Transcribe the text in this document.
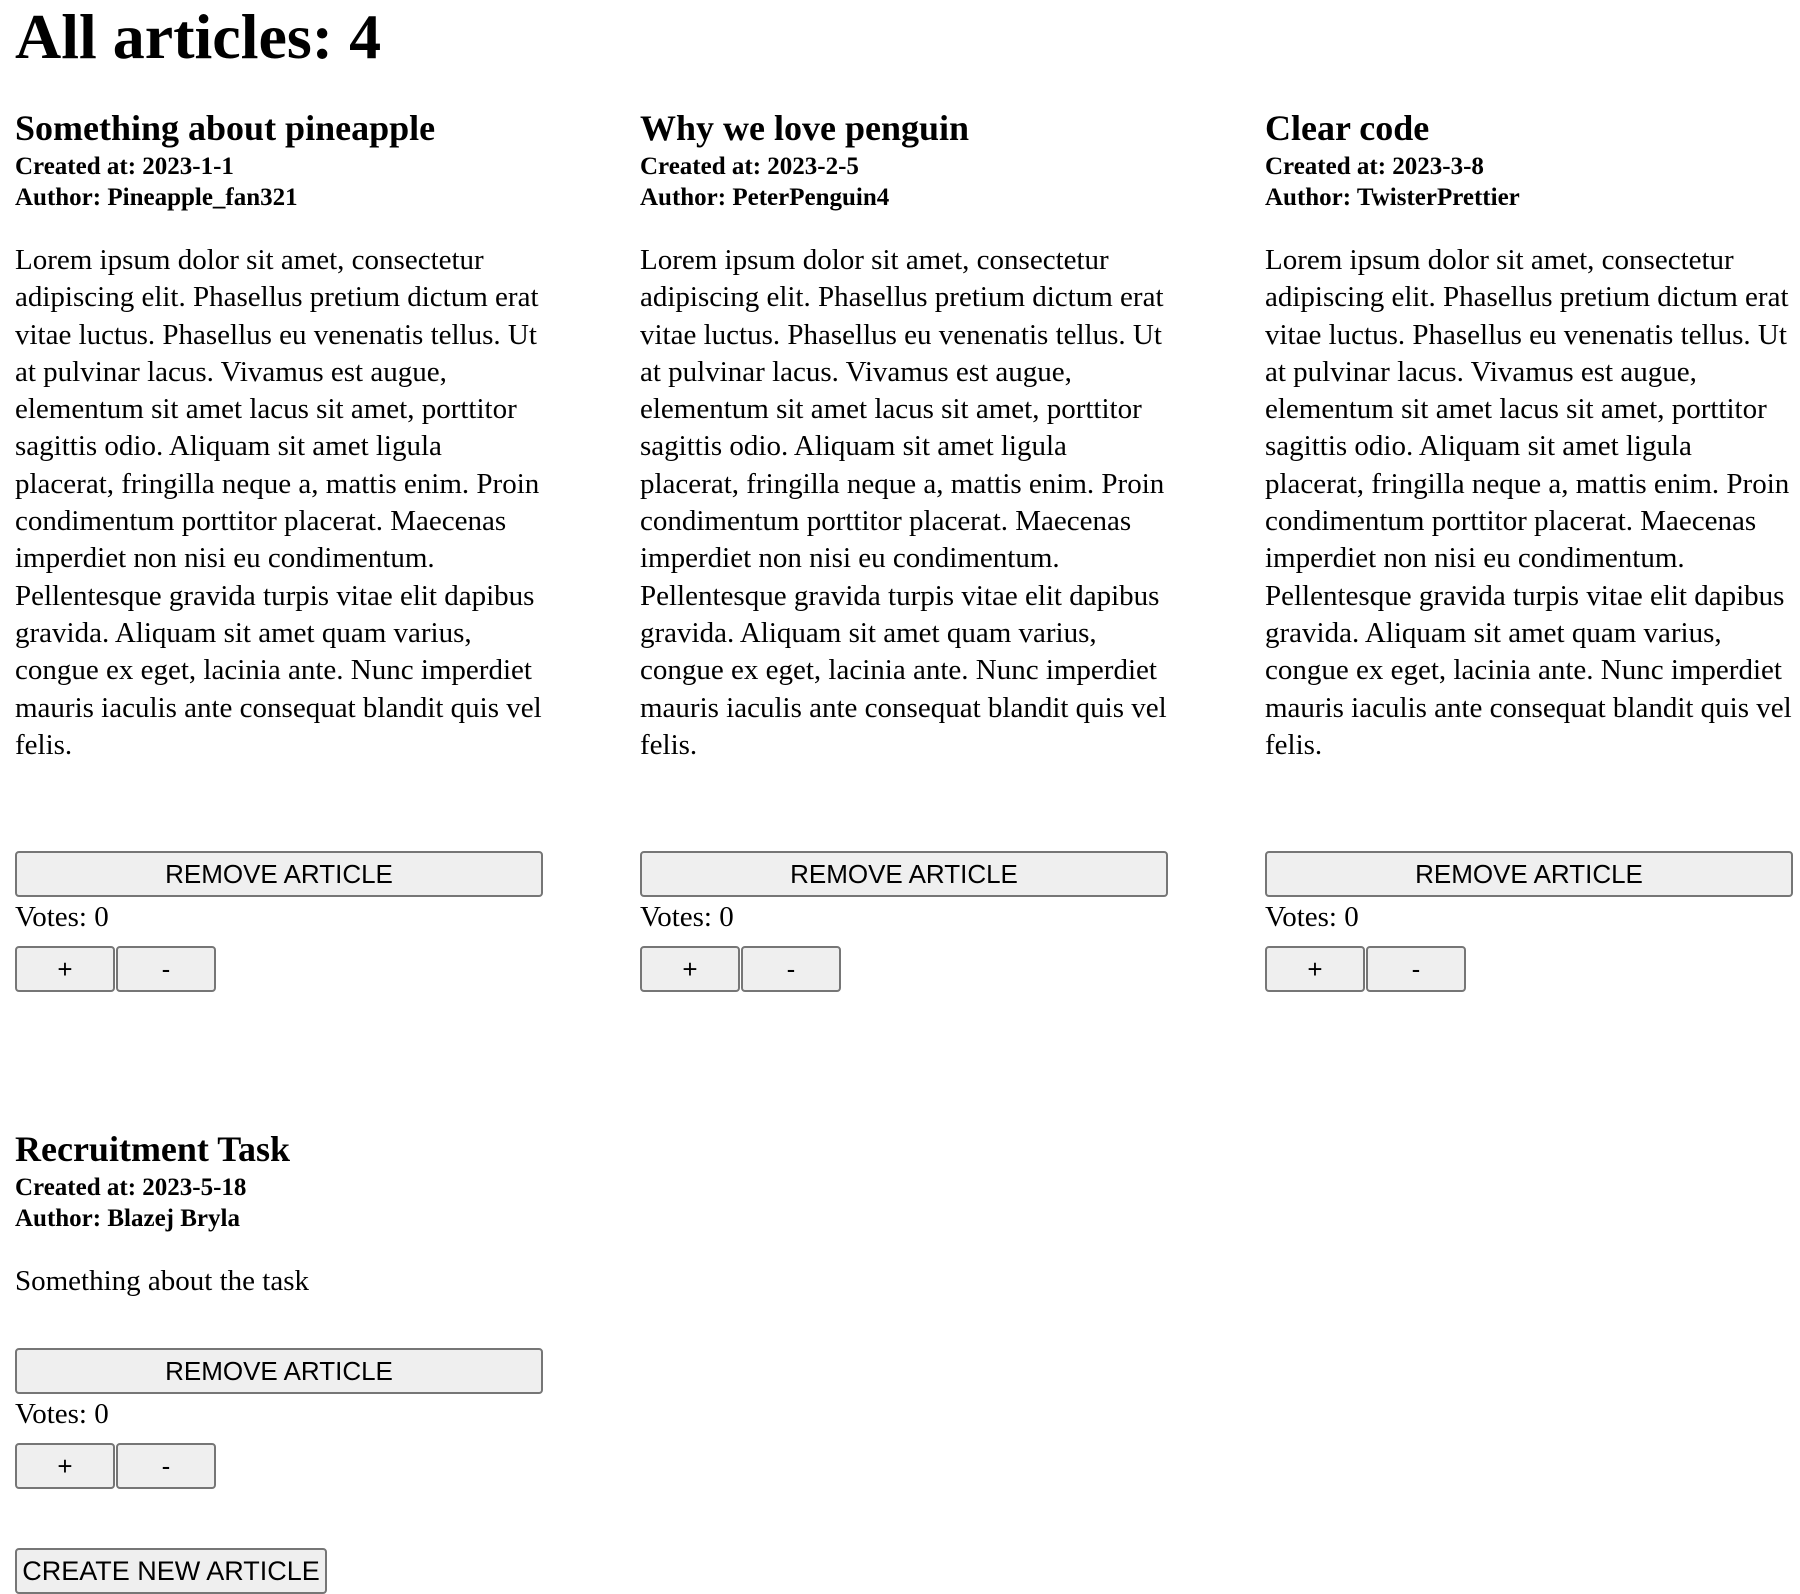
All articles: 4
Something about pineapple
Created at: 2023-1-1
Author: Pineapple_fan321
Lorem ipsum dolor sit amet, consectetur adipiscing elit. Phasellus pretium dictum erat vitae luctus. Phasellus eu venenatis tellus. Ut at pulvinar lacus. Vivamus est augue, elementum sit amet lacus sit amet, porttitor sagittis odio. Aliquam sit amet ligula placerat, fringilla neque a, mattis enim. Proin condimentum porttitor placerat. Maecenas imperdiet non nisi eu condimentum. Pellentesque gravida turpis vitae elit dapibus gravida. Aliquam sit amet quam varius, congue ex eget, lacinia ante. Nunc imperdiet mauris iaculis ante consequat blandit quis vel felis.
REMOVE ARTICLE
Votes: 0
+	-
Why we love penguin
Created at: 2023-2-5
Author: PeterPenguin4
Lorem ipsum dolor sit amet, consectetur adipiscing elit. Phasellus pretium dictum erat vitae luctus. Phasellus eu venenatis tellus. Ut at pulvinar lacus. Vivamus est augue, elementum sit amet lacus sit amet, porttitor sagittis odio. Aliquam sit amet ligula placerat, fringilla neque a, mattis enim. Proin condimentum porttitor placerat. Maecenas imperdiet non nisi eu condimentum. Pellentesque gravida turpis vitae elit dapibus gravida. Aliquam sit amet quam varius, congue ex eget, lacinia ante. Nunc imperdiet mauris iaculis ante consequat blandit quis vel felis.
REMOVE ARTICLE
Votes: 0
+	-
Clear code
Created at: 2023-3-8
Author: TwisterPrettier
Lorem ipsum dolor sit amet, consectetur adipiscing elit. Phasellus pretium dictum erat vitae luctus. Phasellus eu venenatis tellus. Ut at pulvinar lacus. Vivamus est augue, elementum sit amet lacus sit amet, porttitor sagittis odio. Aliquam sit amet ligula placerat, fringilla neque a, mattis enim. Proin condimentum porttitor placerat. Maecenas imperdiet non nisi eu condimentum. Pellentesque gravida turpis vitae elit dapibus gravida. Aliquam sit amet quam varius, congue ex eget, lacinia ante. Nunc imperdiet mauris iaculis ante consequat blandit quis vel felis.
REMOVE ARTICLE
Votes: 0
+	-
Recruitment Task
Created at: 2023-5-18
Author: Blazej Bryla
Something about the task
REMOVE ARTICLE
Votes: 0
+	-
CREATE NEW ARTICLE
